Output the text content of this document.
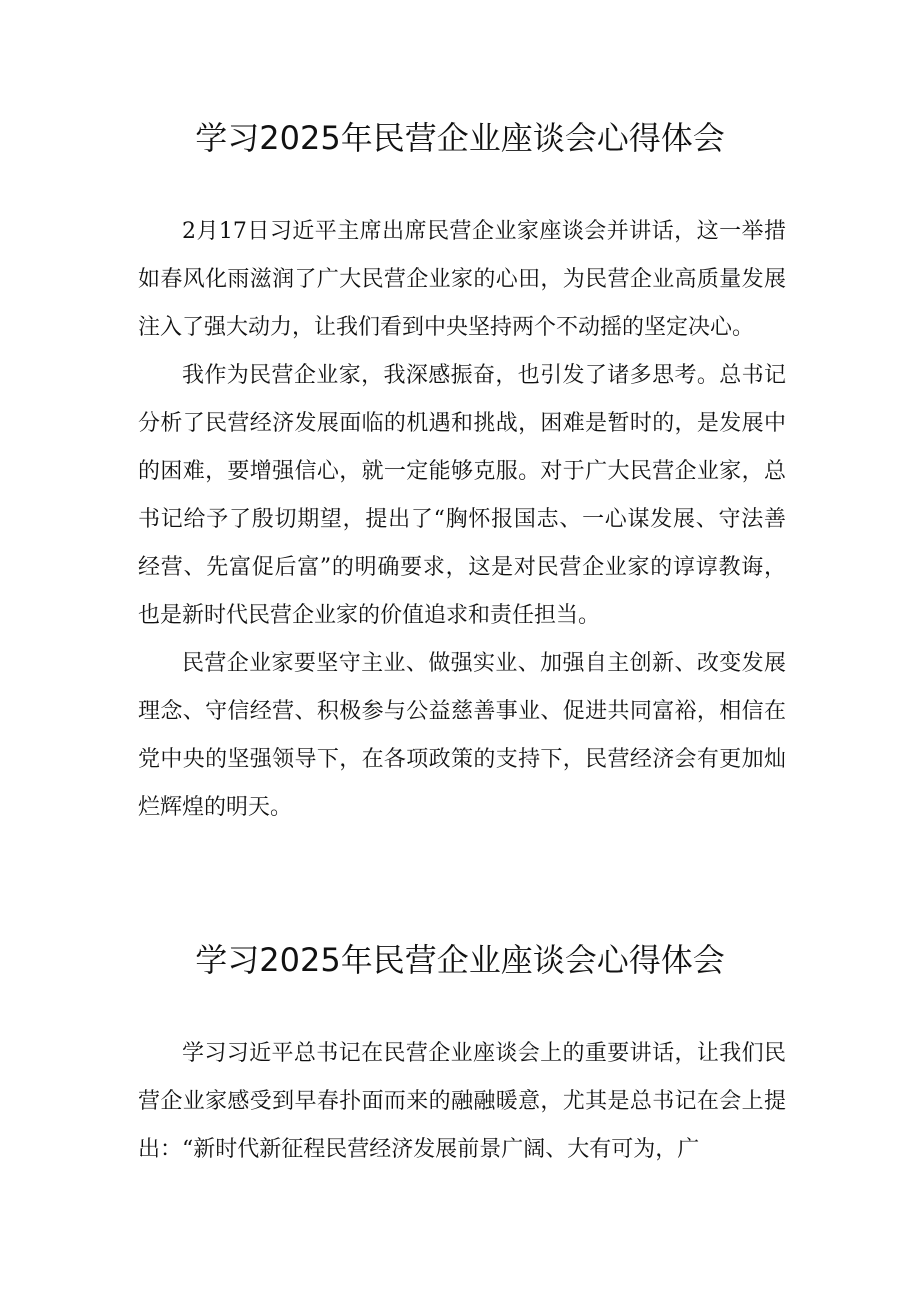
学习2025年民营企业座谈会心得体会

2月17日习近平主席出席民营企业家座谈会并讲话，这一举措如春风化雨滋润了广大民营企业家的心田，为民营企业高质量发展注入了强大动力，让我们看到中央坚持两个不动摇的坚定决心。

我作为民营企业家，我深感振奋，也引发了诸多思考。总书记分析了民营经济发展面临的机遇和挑战，困难是暂时的，是发展中的困难，要增强信心，就一定能够克服。对于广大民营企业家，总书记给予了殷切期望，提出了“胸怀报国志、一心谋发展、守法善经营、先富促后富”的明确要求，这是对民营企业家的谆谆教诲，也是新时代民营企业家的价值追求和责任担当。

民营企业家要坚守主业、做强实业、加强自主创新、改变发展理念、守信经营、积极参与公益慈善事业、促进共同富裕，相信在党中央的坚强领导下，在各项政策的支持下，民营经济会有更加灿烂辉煌的明天。

学习2025年民营企业座谈会心得体会

学习习近平总书记在民营企业座谈会上的重要讲话，让我们民营企业家感受到早春扑面而来的融融暖意，尤其是总书记在会上提出：“新时代新征程民营经济发展前景广阔、大有可为，广
